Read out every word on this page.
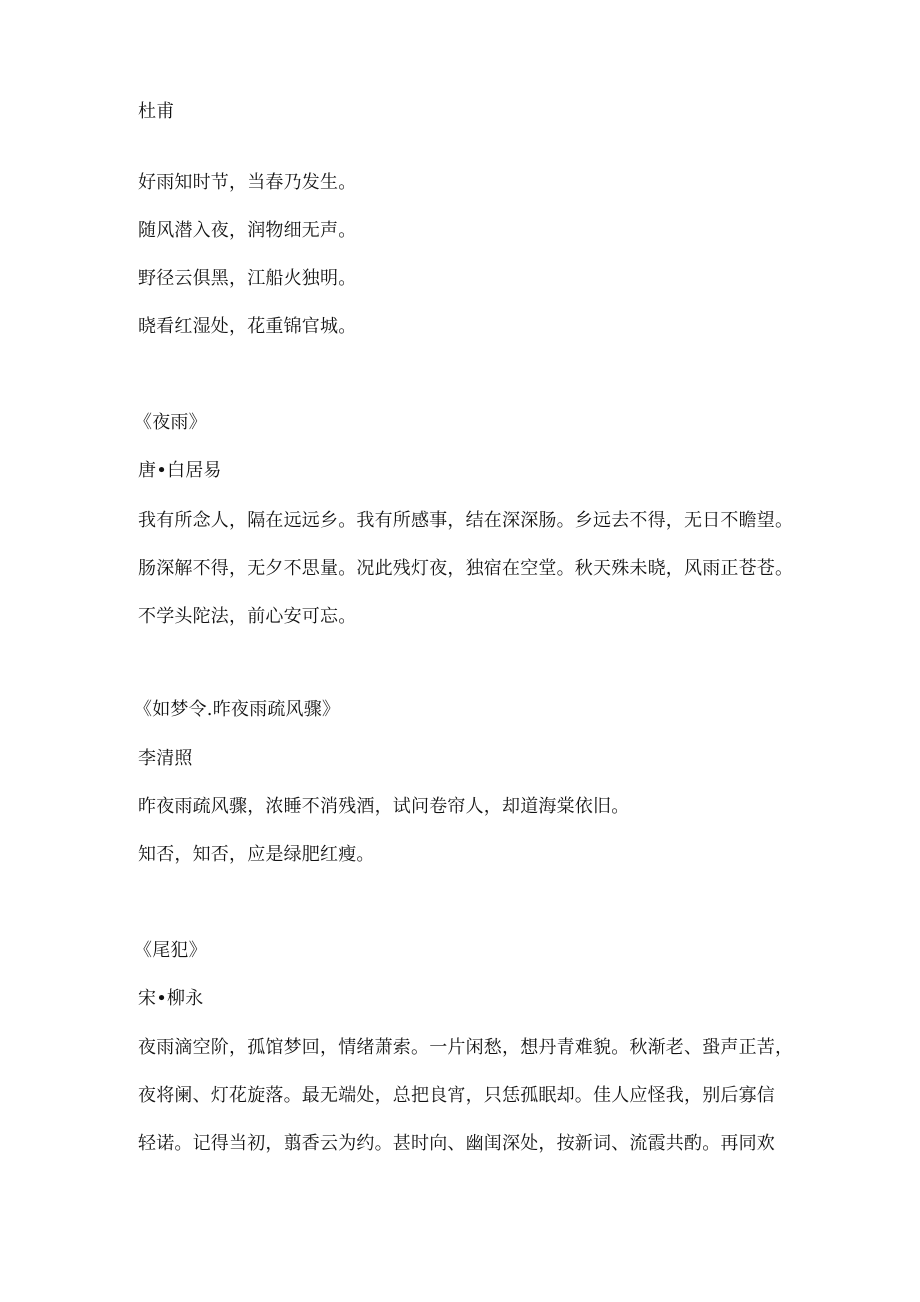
杜甫

好雨知时节，当春乃发生。

随风潜入夜，润物细无声。

野径云俱黑，江船火独明。

晓看红湿处，花重锦官城。

《夜雨》

唐•白居易

我有所念人，隔在远远乡。我有所感事，结在深深肠。乡远去不得，无日不瞻望。

肠深解不得，无夕不思量。况此残灯夜，独宿在空堂。秋天殊未晓，风雨正苍苍。

不学头陀法，前心安可忘。

《如梦令.昨夜雨疏风骤》

李清照

昨夜雨疏风骤，浓睡不消残酒，试问卷帘人，却道海棠依旧。

知否，知否，应是绿肥红瘦。

《尾犯》

宋•柳永

夜雨滴空阶，孤馆梦回，情绪萧索。一片闲愁，想丹青难貌。秋渐老、蛩声正苦，

夜将阑、灯花旋落。最无端处，总把良宵，只恁孤眠却。佳人应怪我，别后寡信

轻诺。记得当初，翦香云为约。甚时向、幽闺深处，按新词、流霞共酌。再同欢
